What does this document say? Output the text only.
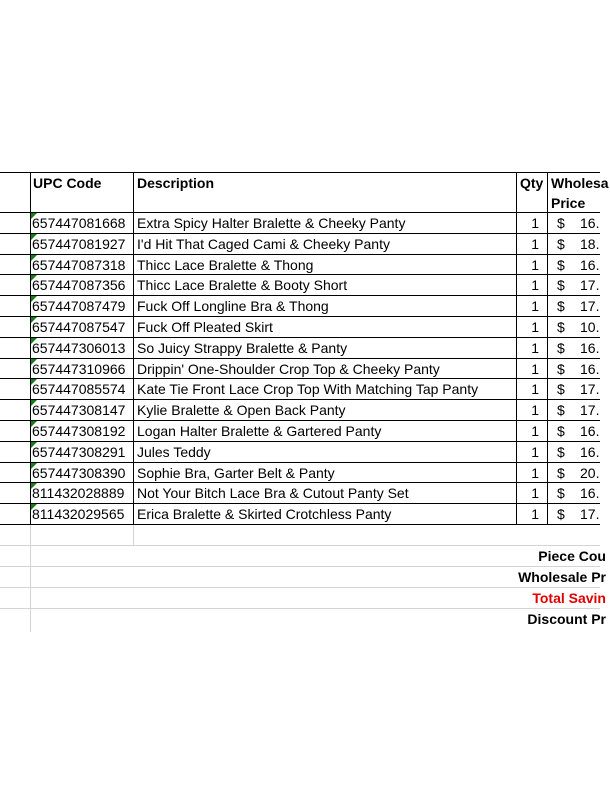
UPC Code	Description	Qty Wholesa
Price
657447081668 Extra Spicy Halter Bralette & Cheeky Panty	1 $	16.
657447081927 I'd Hit That Caged Cami & Cheeky Panty	1 $	18.
657447087318 Thicc Lace Bralette & Thong	1 $	16.
657447087356 Thicc Lace Bralette & Booty Short	1 $	17.
657447087479 Fuck Off Longline Bra & Thong	1 $	17.
657447087547 Fuck Off Pleated Skirt	1 $	10.
657447306013 So Juicy Strappy Bralette & Panty	1 $	16.
657447310966 Drippin' One-Shoulder Crop Top & Cheeky Panty	1 $	16.
657447085574 Kate Tie Front Lace Crop Top With Matching Tap Panty	1 $	17.
657447308147 Kylie Bralette & Open Back Panty	1 $	17.
657447308192 Logan Halter Bralette & Gartered Panty	1 $	16.
657447308291 Jules Teddy	1 $	16.
657447308390 Sophie Bra, Garter Belt & Panty	1 $	20.
811432028889 Not Your Bitch Lace Bra & Cutout Panty Set	1 $	16.
811432029565 Erica Bralette & Skirted Crotchless Panty	1 $	17.
Piece Cou
Wholesale Pr
Total Savin
Discount Pr
